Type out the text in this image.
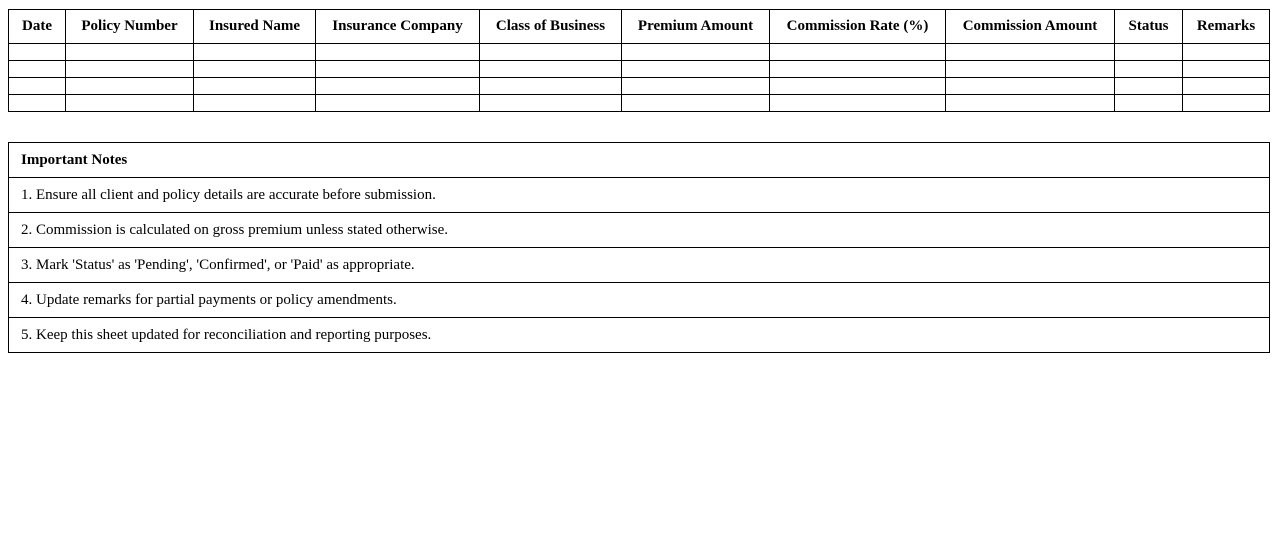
Date	Policy Number	Insured Name	Insurance Company	Class of Business	Premium Amount	Commission Rate (%)	Commission Amount	Status	Remarks

Important Notes
1. Ensure all client and policy details are accurate before submission.
2. Commission is calculated on gross premium unless stated otherwise.
3. Mark 'Status' as 'Pending', 'Confirmed', or 'Paid' as appropriate.
4. Update remarks for partial payments or policy amendments.
5. Keep this sheet updated for reconciliation and reporting purposes.
